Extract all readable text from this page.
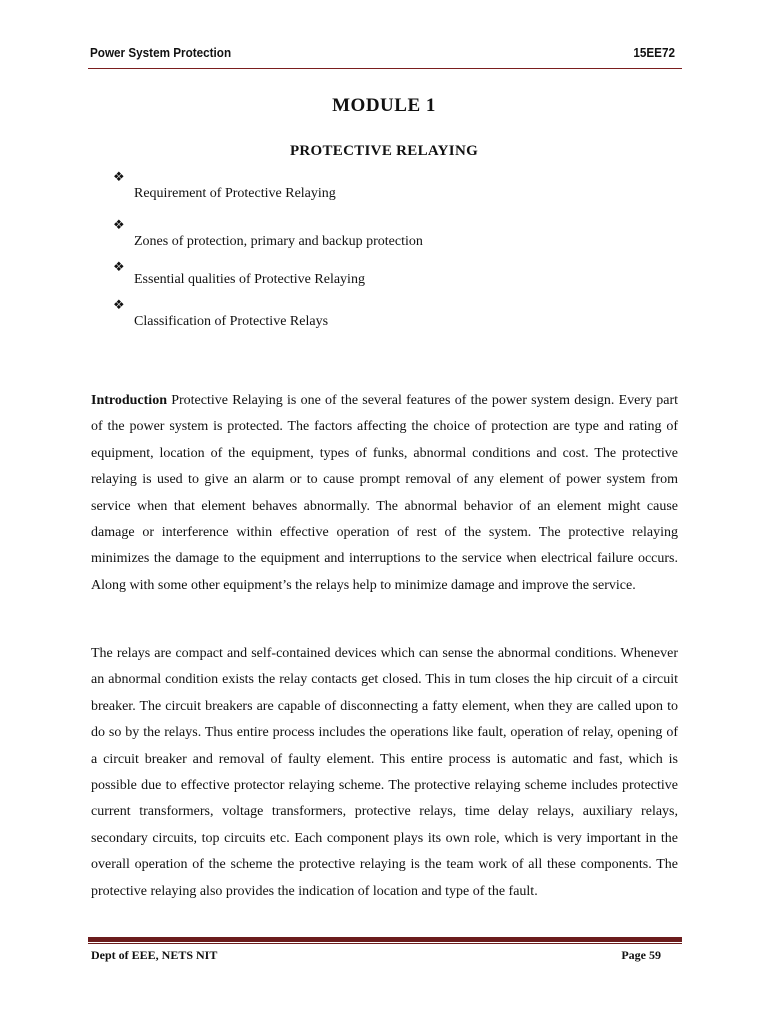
Power System Protection	15EE72
MODULE 1
PROTECTIVE RELAYING
❖
Requirement of Protective Relaying
❖
Zones of protection, primary and backup protection
❖
Essential qualities of Protective Relaying
❖
Classification of Protective Relays
Introduction Protective Relaying is one of the several features of the power system design. Every part of the power system is protected. The factors affecting the choice of protection are type and rating of equipment, location of the equipment, types of funks, abnormal conditions and cost. The protective relaying is used to give an alarm or to cause prompt removal of any element of power system from service when that element behaves abnormally. The abnormal behavior of an element might cause damage or interference within effective operation of rest of the system. The protective relaying minimizes the damage to the equipment and interruptions to the service when electrical failure occurs. Along with some other equipment’s the relays help to minimize damage and improve the service.
The relays are compact and self-contained devices which can sense the abnormal conditions. Whenever an abnormal condition exists the relay contacts get closed. This in tum closes the hip circuit of a circuit breaker. The circuit breakers are capable of disconnecting a fatty element, when they are called upon to do so by the relays. Thus entire process includes the operations like fault, operation of relay, opening of a circuit breaker and removal of faulty element. This entire process is automatic and fast, which is possible due to effective protector relaying scheme. The protective relaying scheme includes protective current transformers, voltage transformers, protective relays, time delay relays, auxiliary relays, secondary circuits, top circuits etc. Each component plays its own role, which is very important in the overall operation of the scheme the protective relaying is the team work of all these components. The protective relaying also provides the indication of location and type of the fault.
Dept of EEE, NETS NIT	Page 59
